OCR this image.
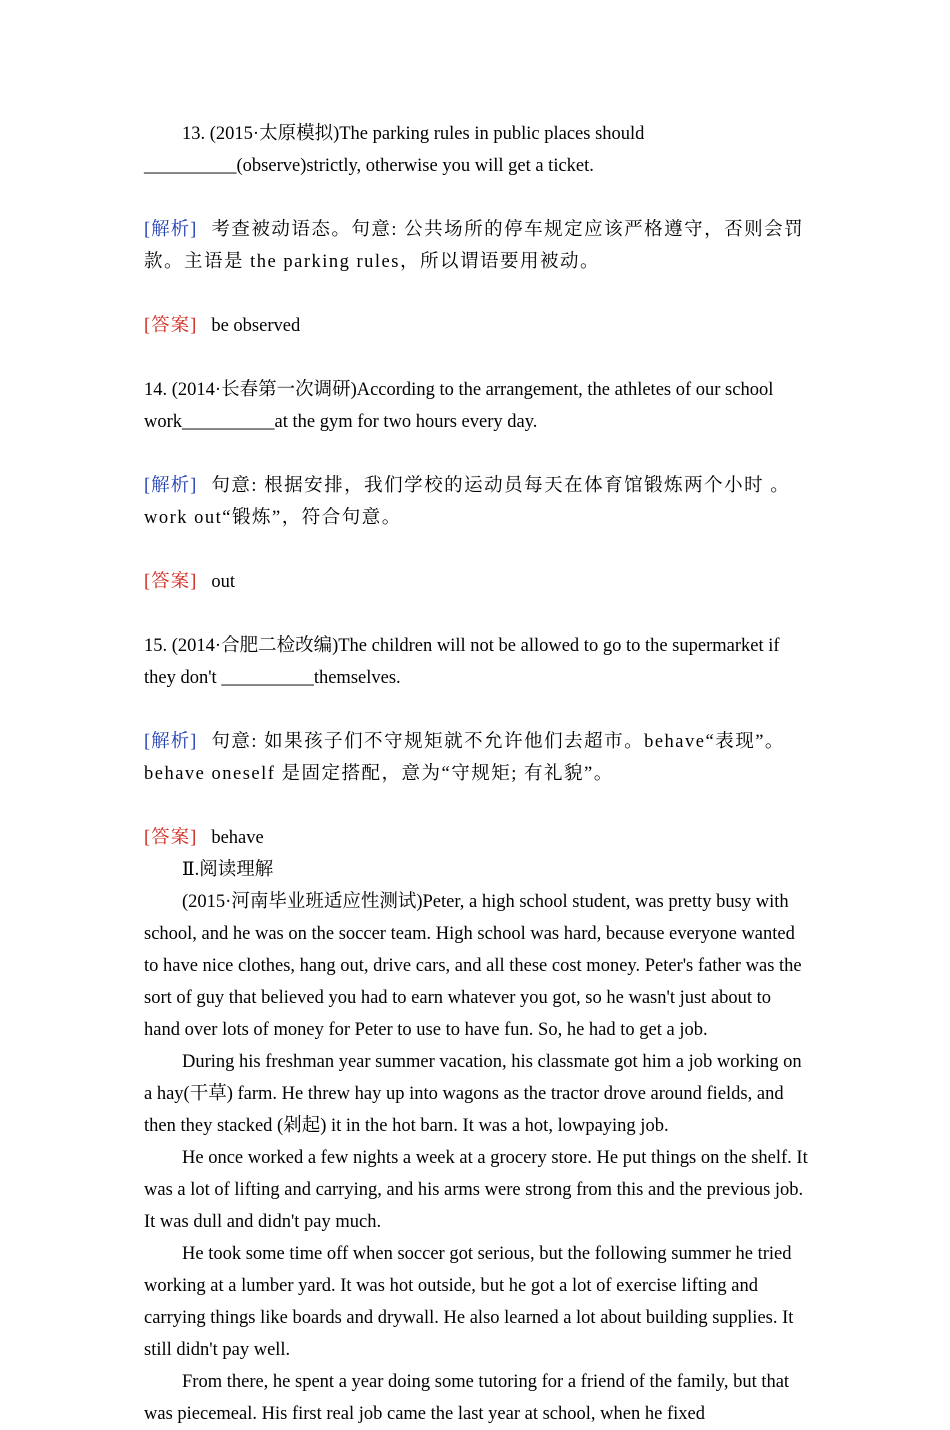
13. (2015·太原模拟)The parking rules in public places should
__________(observe)strictly, otherwise you will get a ticket.

[解析] 考查被动语态。句意: 公共场所的停车规定应该严格遵守，否则会罚款。主语是 the parking rules，所以谓语要用被动。

[答案] be observed

14. (2014·长春第一次调研)According to the arrangement, the athletes of our school work__________at the gym for two hours every day.

[解析] 句意: 根据安排，我们学校的运动员每天在体育馆锻炼两个小时 。work out“锻炼”，符合句意。

[答案] out

15. (2014·合肥二检改编)The children will not be allowed to go to the supermarket if they don't __________themselves.

[解析] 句意: 如果孩子们不守规矩就不允许他们去超市。behave“表现”。behave oneself 是固定搭配，意为“守规矩; 有礼貌”。

[答案] behave

Ⅱ.阅读理解

(2015·河南毕业班适应性测试)Peter, a high school student, was pretty busy with school, and he was on the soccer team. High school was hard, because everyone wanted to have nice clothes, hang out, drive cars, and all these cost money. Peter's father was the sort of guy that believed you had to earn whatever you got, so he wasn't just about to hand over lots of money for Peter to use to have fun. So, he had to get a job.

During his freshman year summer vacation, his classmate got him a job working on a hay(干草) farm. He threw hay up into wagons as the tractor drove around fields, and then they stacked (剁起) it in the hot barn. It was a hot, lowpaying job.

He once worked a few nights a week at a grocery store. He put things on the shelf. It was a lot of lifting and carrying, and his arms were strong from this and the previous job. It was dull and didn't pay much.

He took some time off when soccer got serious, but the following summer he tried working at a lumber yard. It was hot outside, but he got a lot of exercise lifting and carrying things like boards and drywall. He also learned a lot about building supplies. It still didn't pay well.

From there, he spent a year doing some tutoring for a friend of the family, but that was piecemeal. His first real job came the last year at school, when he fixed
